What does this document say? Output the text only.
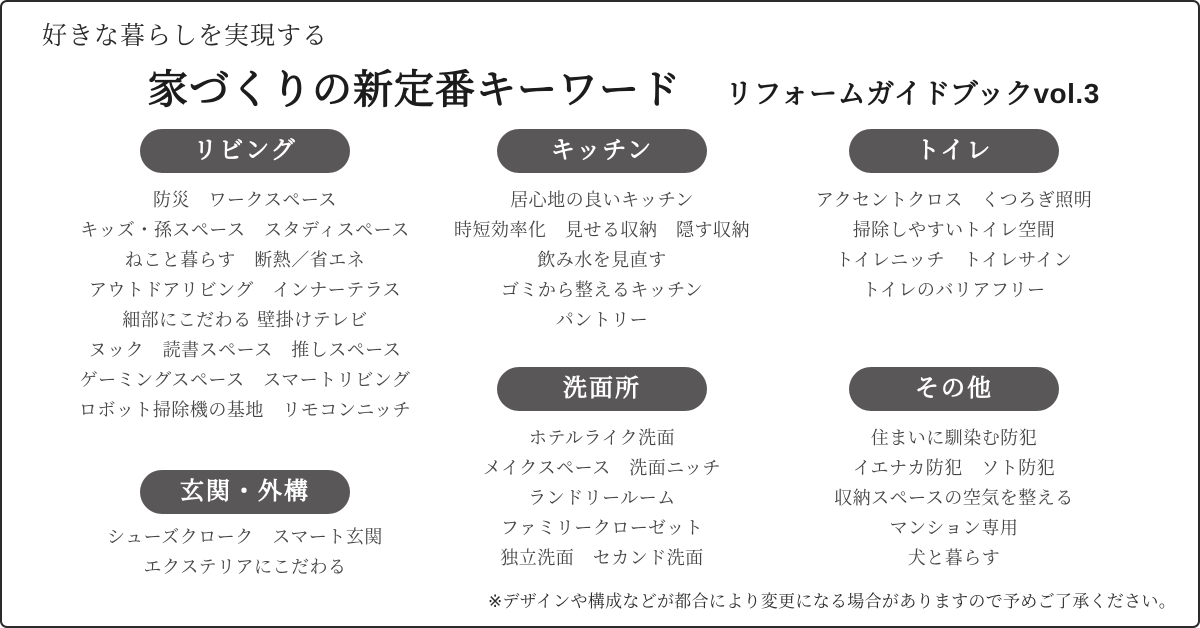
好きな暮らしを実現する
家づくりの新定番キーワード リフォームガイドブックvol.3
リビング
防災　ワークスペース
キッズ・孫スペース　スタディスペース
ねこと暮らす　断熱／省エネ
アウトドアリビング　インナーテラス
細部にこだわる 壁掛けテレビ
ヌック　読書スペース　推しスペース
ゲーミングスペース　スマートリビング
ロボット掃除機の基地　リモコンニッチ
玄関・外構
シューズクローク　スマート玄関
エクステリアにこだわる
キッチン
居心地の良いキッチン
時短効率化　見せる収納　隠す収納
飲み水を見直す
ゴミから整えるキッチン
パントリー
洗面所
ホテルライク洗面
メイクスペース　洗面ニッチ
ランドリールーム
ファミリークローゼット
独立洗面　セカンド洗面
トイレ
アクセントクロス　くつろぎ照明
掃除しやすいトイレ空間
トイレニッチ　トイレサイン
トイレのバリアフリー
その他
住まいに馴染む防犯
イエナカ防犯　ソト防犯
収納スペースの空気を整える
マンション専用
犬と暮らす
※デザインや構成などが都合により変更になる場合がありますので予めご了承ください。
